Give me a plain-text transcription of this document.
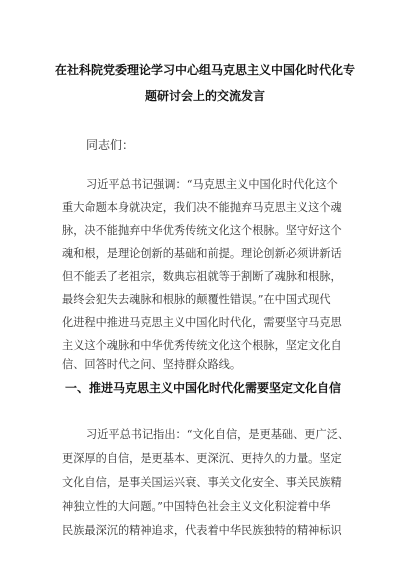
在社科院党委理论学习中心组马克思主义中国化时代化专
题研讨会上的交流发言
同志们：
习近平总书记强调：“马克思主义中国化时代化这个
重大命题本身就决定，我们决不能抛弃马克思主义这个魂
脉，决不能抛弃中华优秀传统文化这个根脉。坚守好这个
魂和根，是理论创新的基础和前提。理论创新必须讲新话
但不能丢了老祖宗，数典忘祖就等于割断了魂脉和根脉，
最终会犯失去魂脉和根脉的颠覆性错误。”在中国式现代
化进程中推进马克思主义中国化时代化，需要坚守马克思
主义这个魂脉和中华优秀传统文化这个根脉，坚定文化自
信、回答时代之问、坚持群众路线。
一、推进马克思主义中国化时代化需要坚定文化自信
习近平总书记指出：“文化自信，是更基础、更广泛、
更深厚的自信，是更基本、更深沉、更持久的力量。坚定
文化自信，是事关国运兴衰、事关文化安全、事关民族精
神独立性的大问题。”中国特色社会主义文化积淀着中华
民族最深沉的精神追求，代表着中华民族独特的精神标识
